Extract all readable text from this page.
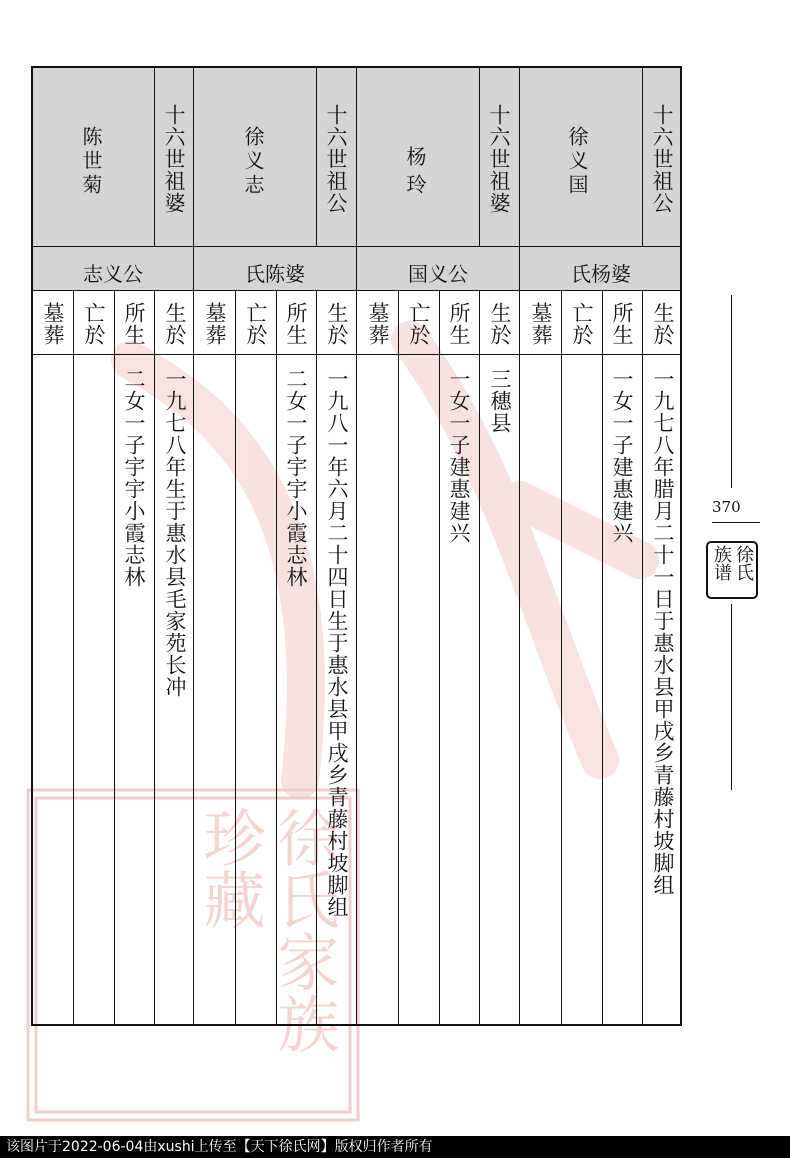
徐氏家族珍藏
十六世祖公
徐义国
氏杨婆
生於
所生
亡於
墓葬
一九七八年腊月二十一日于惠水县甲戌乡青藤村坡脚组
一女一子建惠建兴
十六世祖婆
杨玲
国义公
生於
所生
亡於
墓葬
三穗县
一女一子建惠建兴
十六世祖公
徐义志
氏陈婆
生於
所生
亡於
墓葬
一九八一年六月二十四日生于惠水县甲戌乡青藤村坡脚组
二女一子宇宇小霞志林
十六世祖婆
陈世菊
志义公
生於
所生
亡於
墓葬
一九七八年生于惠水县毛家苑长冲
二女一子宇宇小霞志林	370
徐氏族谱
该图片于2022-06-04由xushi上传至【天下徐氏网】版权归作者所有
